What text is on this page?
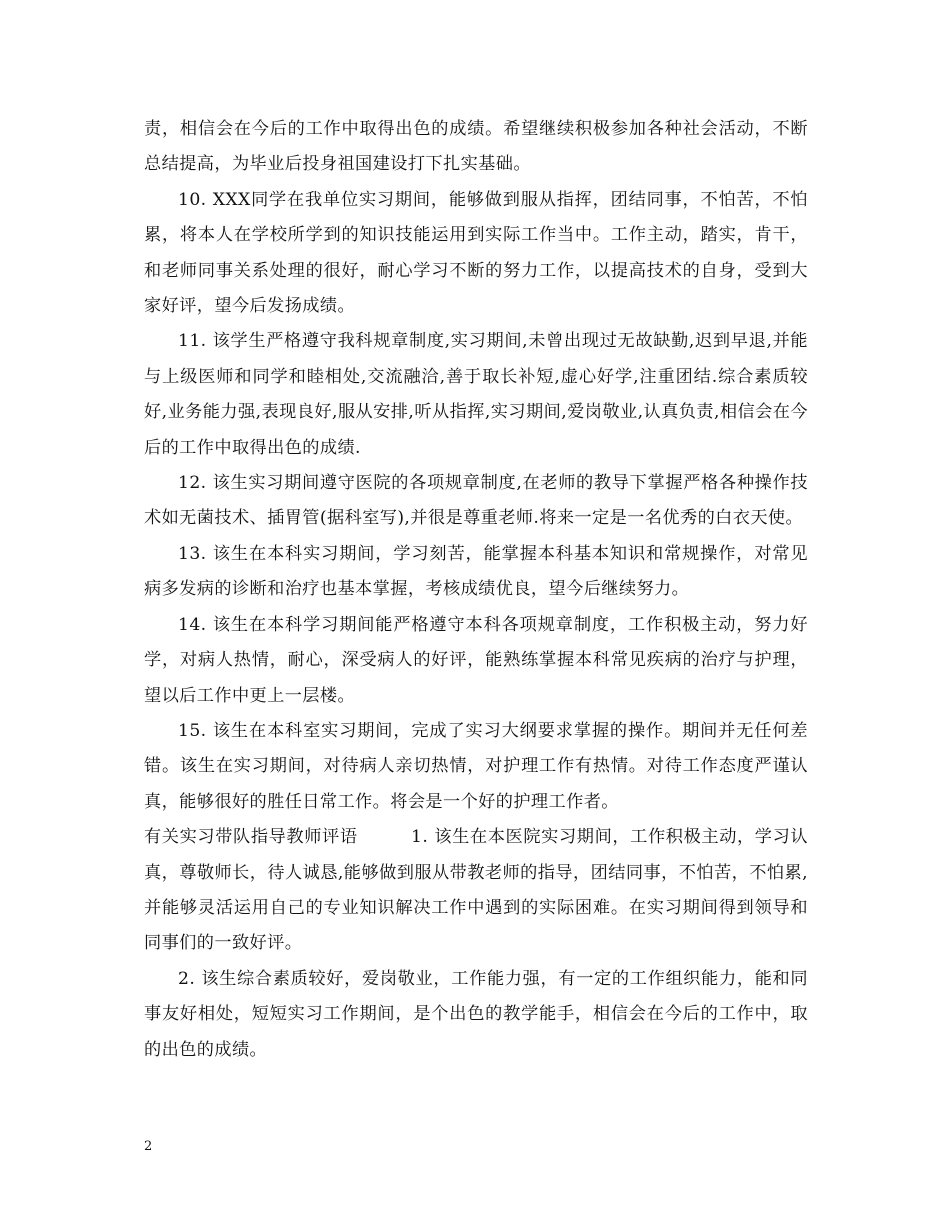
责，相信会在今后的工作中取得出色的成绩。希望继续积极参加各种社会活动，不断总结提高，为毕业后投身祖国建设打下扎实基础。

10. XXX同学在我单位实习期间，能够做到服从指挥，团结同事，不怕苦，不怕累，将本人在学校所学到的知识技能运用到实际工作当中。工作主动，踏实，肯干，和老师同事关系处理的很好，耐心学习不断的努力工作，以提高技术的自身，受到大家好评，望今后发扬成绩。

11. 该学生严格遵守我科规章制度,实习期间,未曾出现过无故缺勤,迟到早退,并能与上级医师和同学和睦相处,交流融洽,善于取长补短,虚心好学,注重团结.综合素质较好,业务能力强,表现良好,服从安排,听从指挥,实习期间,爱岗敬业,认真负责,相信会在今后的工作中取得出色的成绩.

12. 该生实习期间遵守医院的各项规章制度,在老师的教导下掌握严格各种操作技术如无菌技术、插胃管(据科室写),并很是尊重老师.将来一定是一名优秀的白衣天使。

13. 该生在本科实习期间，学习刻苦，能掌握本科基本知识和常规操作，对常见病多发病的诊断和治疗也基本掌握，考核成绩优良，望今后继续努力。

14. 该生在本科学习期间能严格遵守本科各项规章制度，工作积极主动，努力好学，对病人热情，耐心，深受病人的好评，能熟练掌握本科常见疾病的治疗与护理，望以后工作中更上一层楼。

15. 该生在本科室实习期间，完成了实习大纲要求掌握的操作。期间并无任何差错。该生在实习期间，对待病人亲切热情，对护理工作有热情。对待工作态度严谨认真，能够很好的胜任日常工作。将会是一个好的护理工作者。

有关实习带队指导教师评语　　　1. 该生在本医院实习期间，工作积极主动，学习认真，尊敬师长，待人诚恳,能够做到服从带教老师的指导，团结同事，不怕苦，不怕累,并能够灵活运用自己的专业知识解决工作中遇到的实际困难。在实习期间得到领导和同事们的一致好评。

2. 该生综合素质较好，爱岗敬业，工作能力强，有一定的工作组织能力，能和同事友好相处，短短实习工作期间，是个出色的教学能手，相信会在今后的工作中，取的出色的成绩。

2
